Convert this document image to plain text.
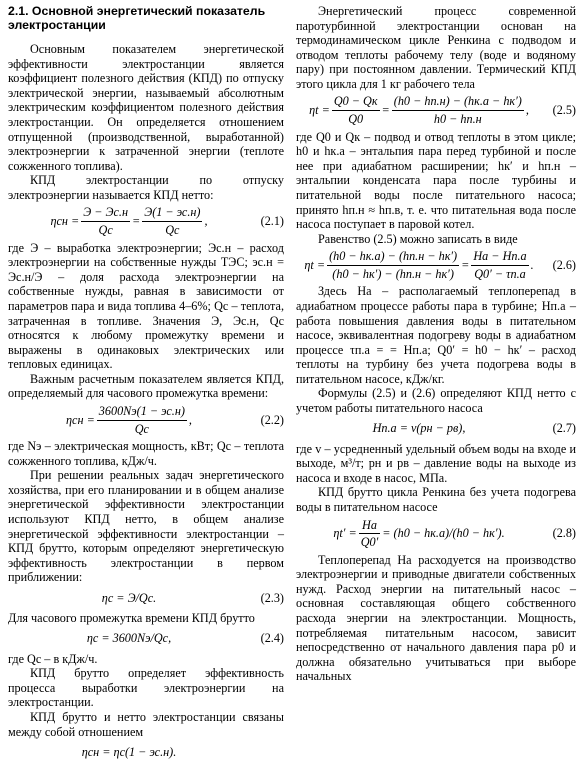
2.1. Основной энергетический показатель
электростанции

Основным показателем энергетической эффективности электростанции является коэффициент полезного действия (КПД) по отпуску электрической энергии, называемый абсолютным электрическим коэффициентом полезного действия электростанции. Он определяется отношением отпущенной (производственной, выработанной) электроэнергии к затраченной энергии (теплоте сожженного топлива).

КПД электростанции по отпуску электроэнергии называется КПД нетто:

$\eta сн = \frac{Э - Эс.н}{Qс} = \frac{Э(1 - эс.н)}{Qс}$ ,	(2.1)

где Э – выработка электроэнергии; Эс.н – расход электроэнергии на собственные нужды ТЭС; эс.н = Эс.н/Э – доля расхода электроэнергии на собственные нужды, равная в зависимости от параметров пара и вида топлива 4–6%; Qс – теплота, затраченная в топливе. Значения Э, Эс.н, Qс относятся к любому промежутку времени и выражены в одинаковых электрических или тепловых единицах.

Важным расчетным показателем является КПД, определяемый для часового промежутка времени:

$\eta сн = \frac{3600Nэ(1 - эс.н)}{Qс}$ ,	(2.2)

где Nэ – электрическая мощность, кВт; Qс – теплота сожженного топлива, кДж/ч.

При решении реальных задач энергетического хозяйства, при его планировании и в общем анализе энергетической эффективности электростанции используют КПД нетто, в общем анализе энергетической эффективности электростанции – КПД брутто, которым определяют энергетическую эффективность электростанции в первом приближении:

ηс = Э/Qс.	(2.3)

Для часового промежутка времени КПД брутто

ηс = 3600Nэ/Qс,	(2.4)

где Qс – в кДж/ч.

КПД брутто определяет эффективность процесса выработки электроэнергии на электростанции.

КПД брутто и нетто электростанции связаны между собой отношением

ηсн = ηс(1 − эс.н).

Энергетический процесс современной паротурбинной электростанции основан на термодинамическом цикле Ренкина с подводом и отводом теплоты рабочему телу (воде и водяному пару) при постоянном давлении. Термический КПД этого цикла для 1 кг рабочего тела

$\eta t = \frac{Q0 - Qк}{Q0} = \frac{(h0 - hп.н) - (hк.а - hк')}{h0 - hп.н}$ , (2.5)

где Q0 и Qк – подвод и отвод теплоты в этом цикле; h0 и hк.а – энтальпия пара перед турбиной и после нее при адиабатном расширении; hк′ и hп.н – энтальпии конденсата пара после турбины и питательной воды после питательного насоса; принято hп.н ≈ hп.в, т. е. что питательная вода после насоса поступает в паровой котел.

Равенство (2.5) можно записать в виде

$\eta t = \frac{(h0 - hк.а) - (hп.н - hк')}{(h0 - hк') - (hп.н - hк')} = \frac{Hа - Hп.а}{Q0' - \tau п.а}$ . (2.6)

Здесь Hа – располагаемый теплоперепад в адиабатном процессе работы пара в турбине; Hп.а – работа повышения давления воды в питательном насосе, эквивалентная подогреву воды в адиабатном процессе τп.а = = Hп.а; Q0′ = h0 − hк′ – расход теплоты на турбину без учета подогрева воды в питательном насосе, кДж/кг.

Формулы (2.5) и (2.6) определяют КПД нетто с учетом работы питательного насоса

Hп.а = v(pн − pв),	(2.7)

где v – усредненный удельный объем воды на входе и выходе, м³/т; pн и pв – давление воды на выходе из насоса и входе в насос, МПа.

КПД брутто цикла Ренкина без учета подогрева воды в питательном насосе

$\eta t' = \frac{Hа}{Q0'} = (h0 - hк.а)/(h0 - hк')$.	(2.8)

Теплоперепад Hа расходуется на производство электроэнергии и приводные двигатели собственных нужд. Расход энергии на питательный насос – основная составляющая общего собственного расхода энергии на электростанции. Мощность, потребляемая питательным насосом, зависит непосредственно от начального давления пара p0 и должна обязательно учитываться при выборе начальных
